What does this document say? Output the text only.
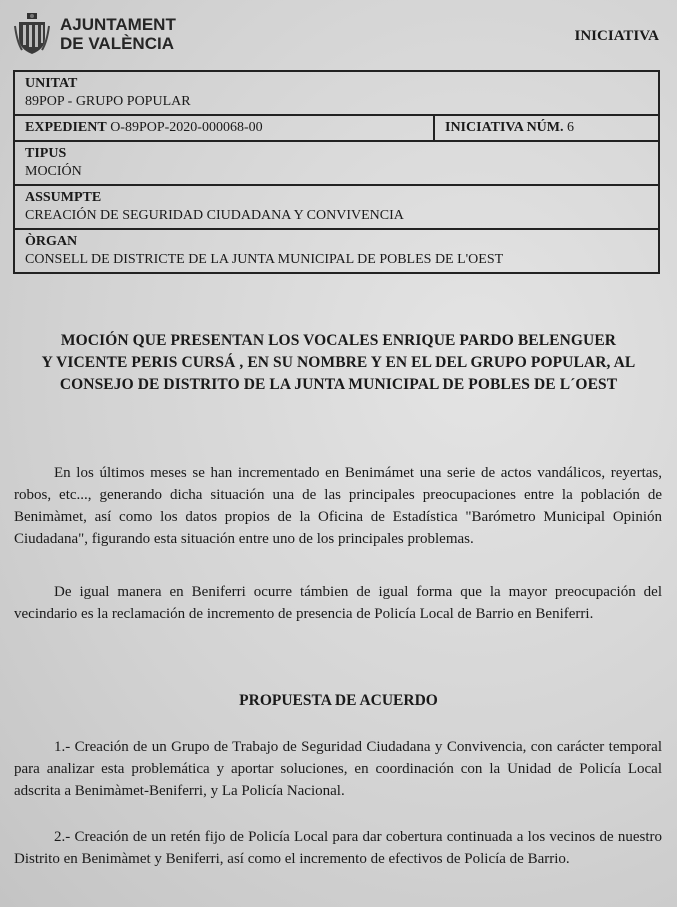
AJUNTAMENT
DE VALÈNCIA	INICIATIVA
UNITAT
89POP - GRUPO POPULAR
EXPEDIENT O-89POP-2020-000068-00	INICIATIVA NÚM. 6
TIPUS
MOCIÓN
ASSUMPTE
CREACIÓN DE SEGURIDAD CIUDADANA Y CONVIVENCIA
ÒRGAN
CONSELL DE DISTRICTE DE LA JUNTA MUNICIPAL DE POBLES DE L'OEST
MOCIÓN QUE PRESENTAN LOS VOCALES ENRIQUE PARDO BELENGUER
Y VICENTE PERIS CURSÁ , EN SU NOMBRE Y EN EL DEL GRUPO POPULAR, AL
CONSEJO DE DISTRITO DE LA JUNTA MUNICIPAL DE POBLES DE L´OEST

En los últimos meses se han incrementado en Benimámet una serie de actos vandálicos, reyertas, robos, etc..., generando dicha situación una de las principales preocupaciones entre la población de Benimàmet, así como los datos propios de la Oficina de Estadística "Barómetro Municipal Opinión Ciudadana", figurando esta situación entre uno de los principales problemas.

De igual manera en Beniferri ocurre támbien de igual forma que la mayor preocupación del vecindario es la reclamación de incremento de presencia de Policía Local de Barrio en Beniferri.

PROPUESTA DE ACUERDO

1.- Creación de un Grupo de Trabajo de Seguridad Ciudadana y Convivencia, con carácter temporal para analizar esta problemática y aportar soluciones, en coordinación con la Unidad de Policía Local adscrita a Benimàmet-Beniferri, y La Policía Nacional.

2.- Creación de un retén fijo de Policía Local para dar cobertura continuada a los vecinos de nuestro Distrito en Benimàmet y Beniferri, así como el incremento de efectivos de Policía de Barrio.
